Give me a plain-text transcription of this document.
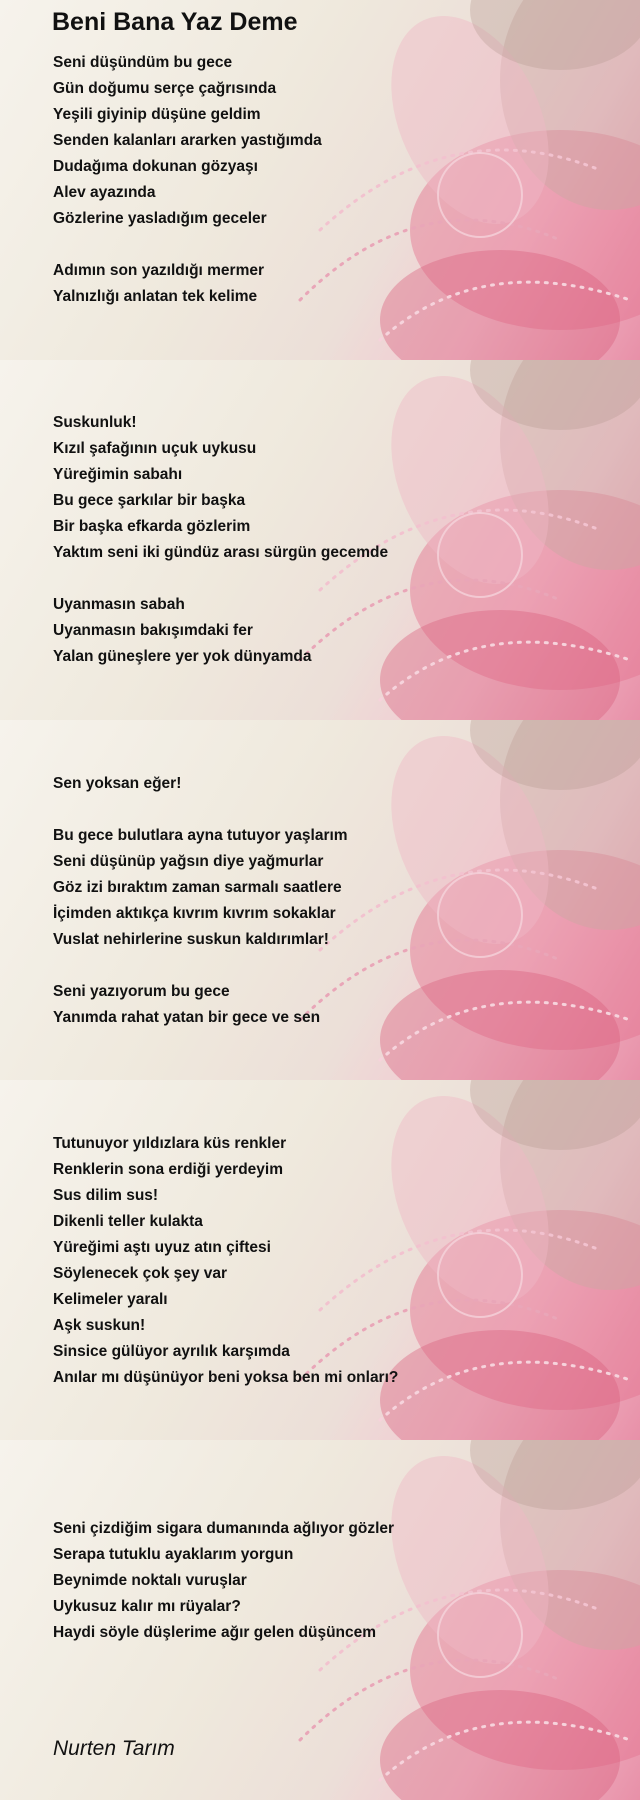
Beni Bana Yaz Deme
Seni düşündüm bu gece
Gün doğumu serçe çağrısında
Yeşili giyinip düşüne geldim
Senden kalanları ararken yastığımda
Dudağıma dokunan gözyaşı
Alev ayazında
Gözlerine yasladığım geceler
Adımın son yazıldığı mermer
Yalnızlığı anlatan tek kelime
Suskunluk!
Kızıl şafağının uçuk uykusu
Yüreğimin sabahı
Bu gece şarkılar bir başka
Bir başka efkarda gözlerim
Yaktım seni iki gündüz arası sürgün gecemde
Uyanmasın sabah
Uyanmasın bakışımdaki fer
Yalan güneşlere yer yok dünyamda
Sen yoksan eğer!
Bu gece bulutlara ayna tutuyor yaşlarım
Seni düşünüp yağsın diye yağmurlar
Göz izi bıraktım zaman sarmalı saatlere
İçimden aktıkça kıvrım kıvrım sokaklar
Vuslat nehirlerine suskun kaldırımlar!
Seni yazıyorum bu gece
Yanımda rahat yatan bir gece ve sen
Tutunuyor yıldızlara küs renkler
Renklerin sona erdiği yerdeyim
Sus dilim sus!
Dikenli teller kulakta
Yüreğimi aştı uyuz atın çiftesi
Söylenecek çok şey var
Kelimeler yaralı
Aşk suskun!
Sinsice gülüyor ayrılık karşımda
Anılar mı düşünüyor beni yoksa ben mi onları?
Seni çizdiğim sigara dumanında ağlıyor gözler
Serapa tutuklu ayaklarım yorgun
Beynimde noktalı vuruşlar
Uykusuz kalır mı rüyalar?
Haydi söyle düşlerime ağır gelen düşüncem
Nurten Tarım
